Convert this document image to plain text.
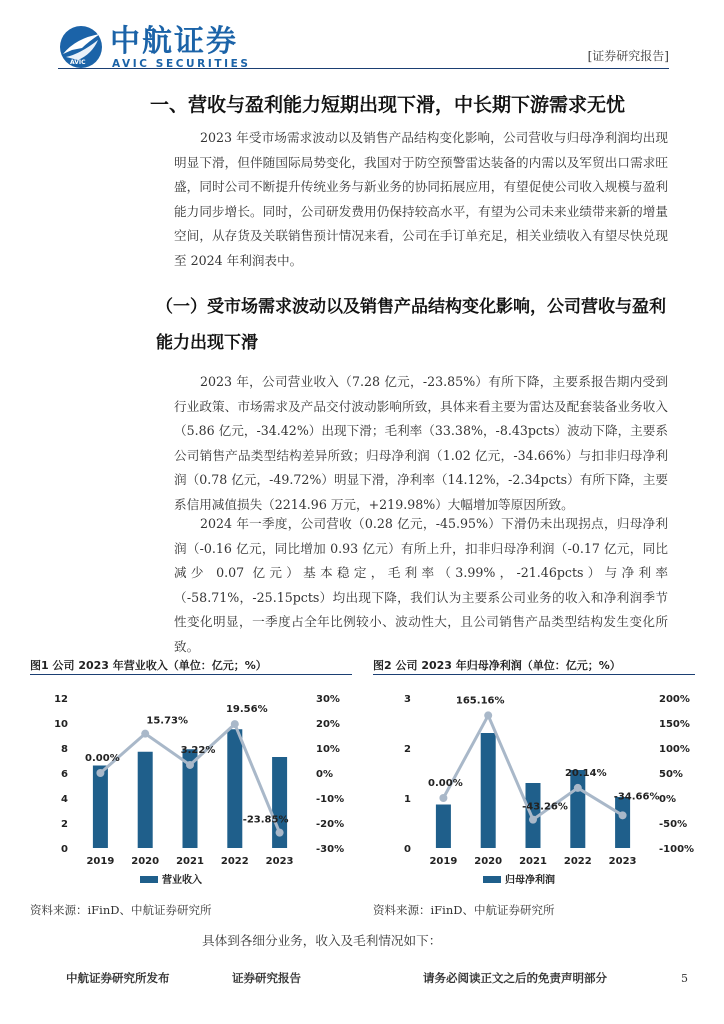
AVIC
中航证券
AVIC SECURITIES
[证券研究报告]
一、营收与盈利能力短期出现下滑，中长期下游需求无忧
2023 年受市场需求波动以及销售产品结构变化影响，公司营收与归母净利润均出现明显下滑，但伴随国际局势变化，我国对于防空预警雷达装备的内需以及军贸出口需求旺盛，同时公司不断提升传统业务与新业务的协同拓展应用，有望促使公司收入规模与盈利能力同步增长。同时，公司研发费用仍保持较高水平，有望为公司未来业绩带来新的增量空间，从存货及关联销售预计情况来看，公司在手订单充足，相关业绩收入有望尽快兑现至 2024 年利润表中。
（一）受市场需求波动以及销售产品结构变化影响，公司营收与盈利能力出现下滑
2023 年，公司营业收入（7.28 亿元，-23.85%）有所下降，主要系报告期内受到行业政策、市场需求及产品交付波动影响所致，具体来看主要为雷达及配套装备业务收入（5.86 亿元，-34.42%）出现下滑；毛利率（33.38%，-8.43pcts）波动下降，主要系公司销售产品类型结构差异所致；归母净利润（1.02 亿元，-34.66%）与扣非归母净利润（0.78 亿元，-49.72%）明显下滑，净利率（14.12%，-2.34pcts）有所下降，主要系信用减值损失（2214.96 万元，+219.98%）大幅增加等原因所致。
2024 年一季度，公司营收（0.28 亿元，-45.95%）下滑仍未出现拐点，归母净利润（-0.16 亿元，同比增加 0.93 亿元）有所上升，扣非归母净利润（-0.17 亿元，同比减少 0.07 亿元）基本稳定，毛利率（3.99%，-21.46pcts）与净利率（-58.71%，-25.15pcts）均出现下降，我们认为主要系公司业务的收入和净利润季节性变化明显，一季度占全年比例较小、波动性大，且公司销售产品类型结构发生变化所致。
图1 公司 2023 年营业收入（单位：亿元；%）	图2 公司 2023 年归母净利润（单位：亿元；%）
0
2
4
6
8
10
12
-30%
-20%
-10%
0%
10%
20%
30%
2019 2020 2021 2022 2023
0.00%
15.73%
3.22%
19.56%
-23.85%
营业收入
0
1
2
3
-100%
-50%
0%
50%
100%
150%
200%
2019 2020 2021 2022 2023
0.00%
165.16%
-43.26%
20.14%
-34.66%
归母净利润
资料来源：iFinD、中航证券研究所	资料来源：iFinD、中航证券研究所
具体到各细分业务，收入及毛利情况如下：
中航证券研究所发布	证券研究报告	请务必阅读正文之后的免责声明部分	5
